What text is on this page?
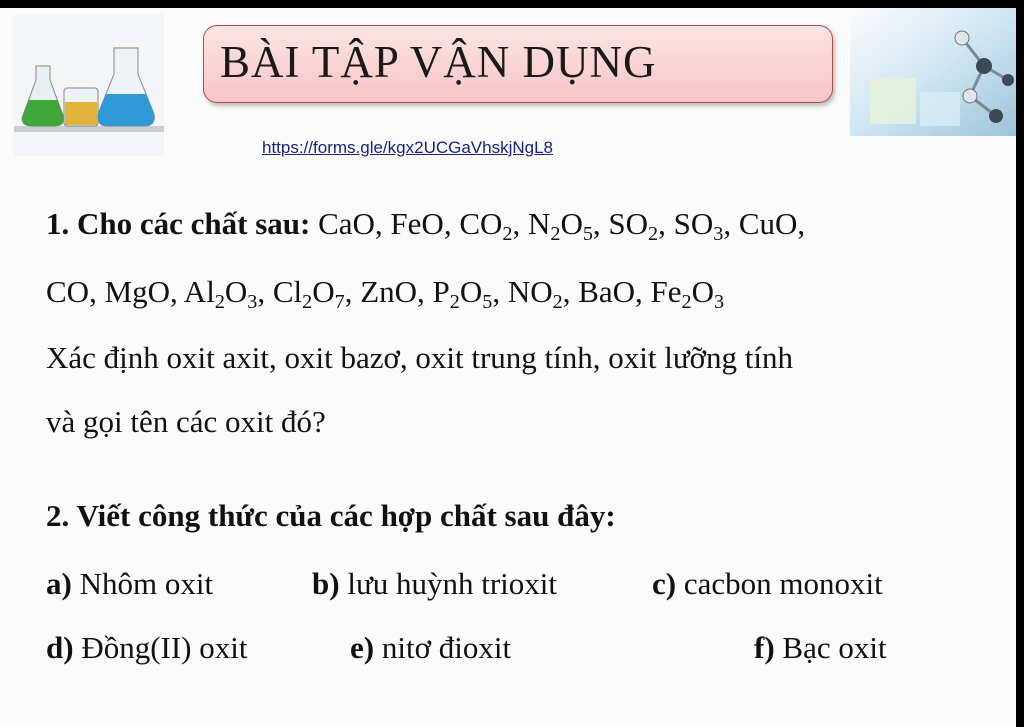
BÀI TẬP VẬN DỤNG
https://forms.gle/kgx2UCGaVhskjNgL8
1. Cho các chất sau: CaO, FeO, $CO_2$, $N_2O_5$, $SO_2$, $SO_3$, CuO,
CO, MgO, $Al_2O_3$, $Cl_2O_7$, ZnO, $P_2O_5$, $NO_2$, BaO, $Fe_2O_3$
Xác định oxit axit, oxit bazơ, oxit trung tính, oxit lưỡng tính
và gọi tên các oxit đó?
2. Viết công thức của các hợp chất sau đây:
a) Nhôm oxit	b) lưu huỳnh trioxit	c) cacbon monoxit
d) Đồng(II) oxit	e) nitơ đioxit	f) Bạc oxit
